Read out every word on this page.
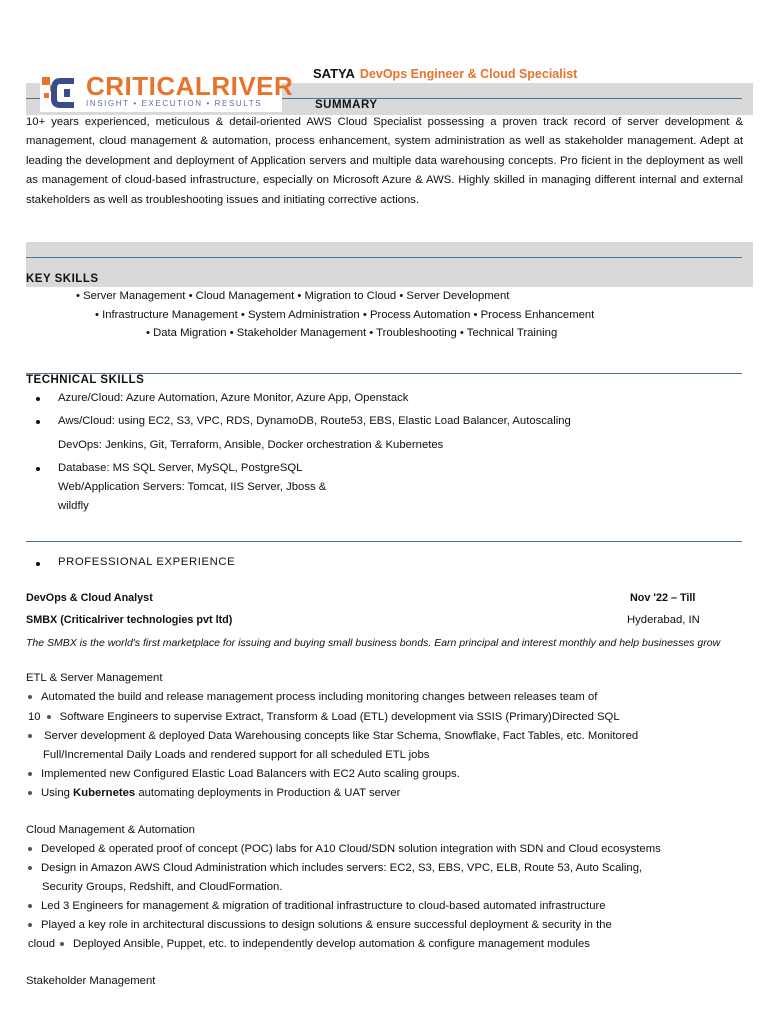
CRITICALRIVER
INSIGHT • EXECUTION • RESULTS
SATYA DevOps Engineer & Cloud Specialist
SUMMARY
10+ years experienced, meticulous & detail-oriented AWS Cloud Specialist possessing a proven track record of server development & management, cloud management & automation, process enhancement, system administration as well as stakeholder management. Adept at leading the development and deployment of Application servers and multiple data warehousing concepts. Pro ficient in the deployment as well as management of cloud-based infrastructure, especially on Microsoft Azure & AWS. Highly skilled in managing different internal and external stakeholders as well as troubleshooting issues and initiating corrective actions.
KEY SKILLS
• Server Management • Cloud Management • Migration to Cloud • Server Development
• Infrastructure Management • System Administration • Process Automation • Process Enhancement
• Data Migration • Stakeholder Management • Troubleshooting • Technical Training
TECHNICAL SKILLS
Azure/Cloud: Azure Automation, Azure Monitor, Azure App, Openstack
Aws/Cloud: using EC2, S3, VPC, RDS, DynamoDB, Route53, EBS, Elastic Load Balancer, Autoscaling
DevOps: Jenkins, Git, Terraform, Ansible, Docker orchestration & Kubernetes
Database: MS SQL Server, MySQL, PostgreSQL
Web/Application Servers: Tomcat, IIS Server, Jboss &
wildfly
PROFESSIONAL EXPERIENCE
DevOps & Cloud Analyst	Nov '22 – Till
SMBX (Criticalriver technologies pvt ltd)	Hyderabad, IN
The SMBX is the world's first marketplace for issuing and buying small business bonds. Earn principal and interest monthly and help businesses grow
ETL & Server Management
Automated the build and release management process including monitoring changes between releases team of
10 Software Engineers to supervise Extract, Transform & Load (ETL) development via SSIS (Primary)Directed SQL
Server development & deployed Data Warehousing concepts like Star Schema, Snowflake, Fact Tables, etc. Monitored
Full/Incremental Daily Loads and rendered support for all scheduled ETL jobs
Implemented new Configured Elastic Load Balancers with EC2 Auto scaling groups.
Using Kubernetes automating deployments in Production & UAT server
Cloud Management & Automation
Developed & operated proof of concept (POC) labs for A10 Cloud/SDN solution integration with SDN and Cloud ecosystems
Design in Amazon AWS Cloud Administration which includes servers: EC2, S3, EBS, VPC, ELB, Route 53, Auto Scaling,
Security Groups, Redshift, and CloudFormation.
Led 3 Engineers for management & migration of traditional infrastructure to cloud-based automated infrastructure
Played a key role in architectural discussions to design solutions & ensure successful deployment & security in the
cloud Deployed Ansible, Puppet, etc. to independently develop automation & configure management modules
Stakeholder Management
